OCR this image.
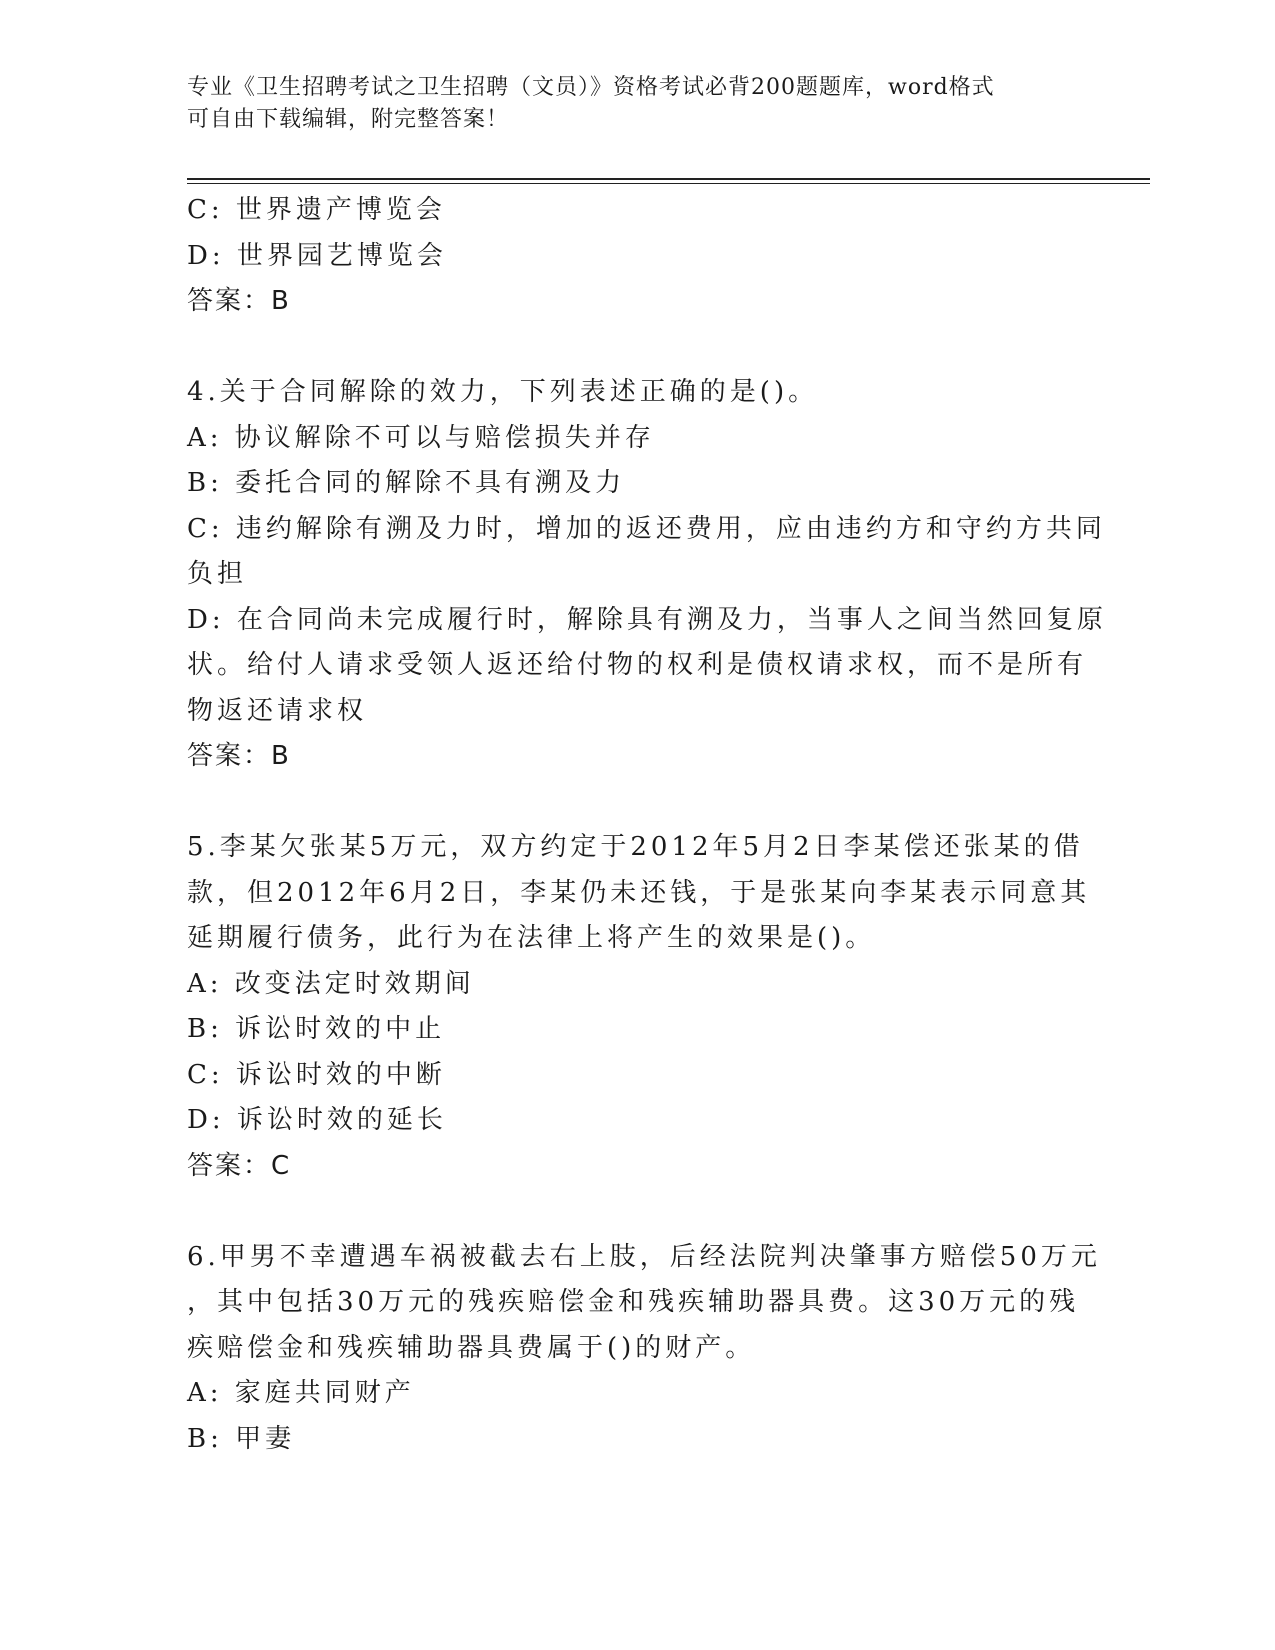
专业《卫生招聘考试之卫生招聘（文员）》资格考试必背200题题库，word格式
可自由下载编辑，附完整答案！
C: 世界遗产博览会
D: 世界园艺博览会
答案：B
4.关于合同解除的效力，下列表述正确的是()。
A: 协议解除不可以与赔偿损失并存
B: 委托合同的解除不具有溯及力
C: 违约解除有溯及力时，增加的返还费用，应由违约方和守约方共同
负担
D: 在合同尚未完成履行时，解除具有溯及力，当事人之间当然回复原
状。给付人请求受领人返还给付物的权利是债权请求权，而不是所有
物返还请求权
答案：B
5.李某欠张某5万元，双方约定于2012年5月2日李某偿还张某的借
款，但2012年6月2日，李某仍未还钱，于是张某向李某表示同意其
延期履行债务，此行为在法律上将产生的效果是()。
A: 改变法定时效期间
B: 诉讼时效的中止
C: 诉讼时效的中断
D: 诉讼时效的延长
答案：C
6.甲男不幸遭遇车祸被截去右上肢，后经法院判决肇事方赔偿50万元
，其中包括30万元的残疾赔偿金和残疾辅助器具费。这30万元的残
疾赔偿金和残疾辅助器具费属于()的财产。
A: 家庭共同财产
B: 甲妻
